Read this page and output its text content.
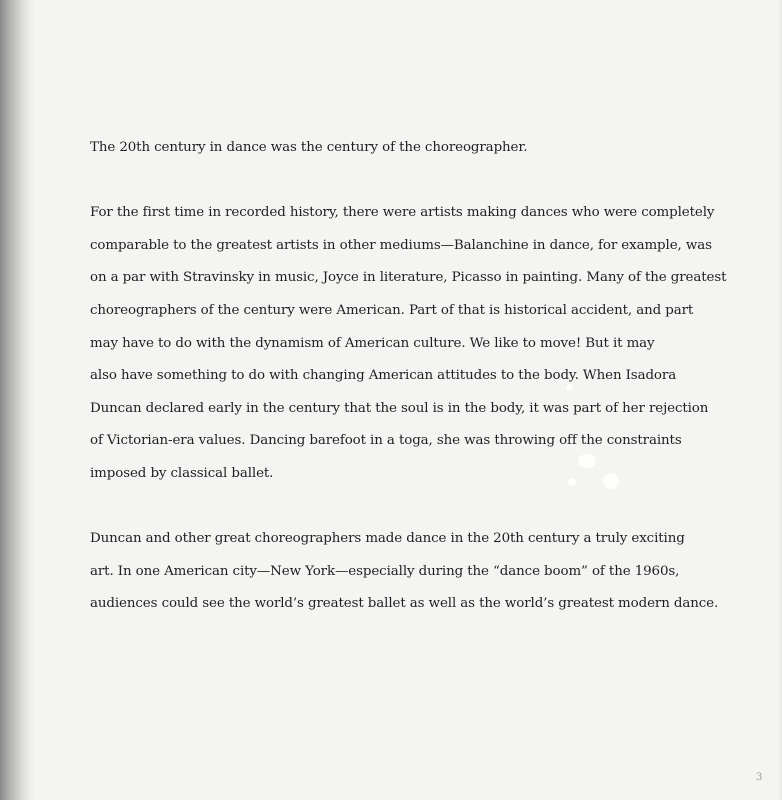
The 20th century in dance was the century of the choreographer.
For the first time in recorded history, there were artists making dances who were completely
comparable to the greatest artists in other mediums—Balanchine in dance, for example, was
on a par with Stravinsky in music, Joyce in literature, Picasso in painting. Many of the greatest
choreographers of the century were American. Part of that is historical accident, and part
may have to do with the dynamism of American culture. We like to move! But it may
also have something to do with changing American attitudes to the body. When Isadora
Duncan declared early in the century that the soul is in the body, it was part of her rejection
of Victorian-era values. Dancing barefoot in a toga, she was throwing off the constraints
imposed by classical ballet.
Duncan and other great choreographers made dance in the 20th century a truly exciting
art. In one American city—New York—especially during the “dance boom” of the 1960s,
audiences could see the world’s greatest ballet as well as the world’s greatest modern dance.
3
